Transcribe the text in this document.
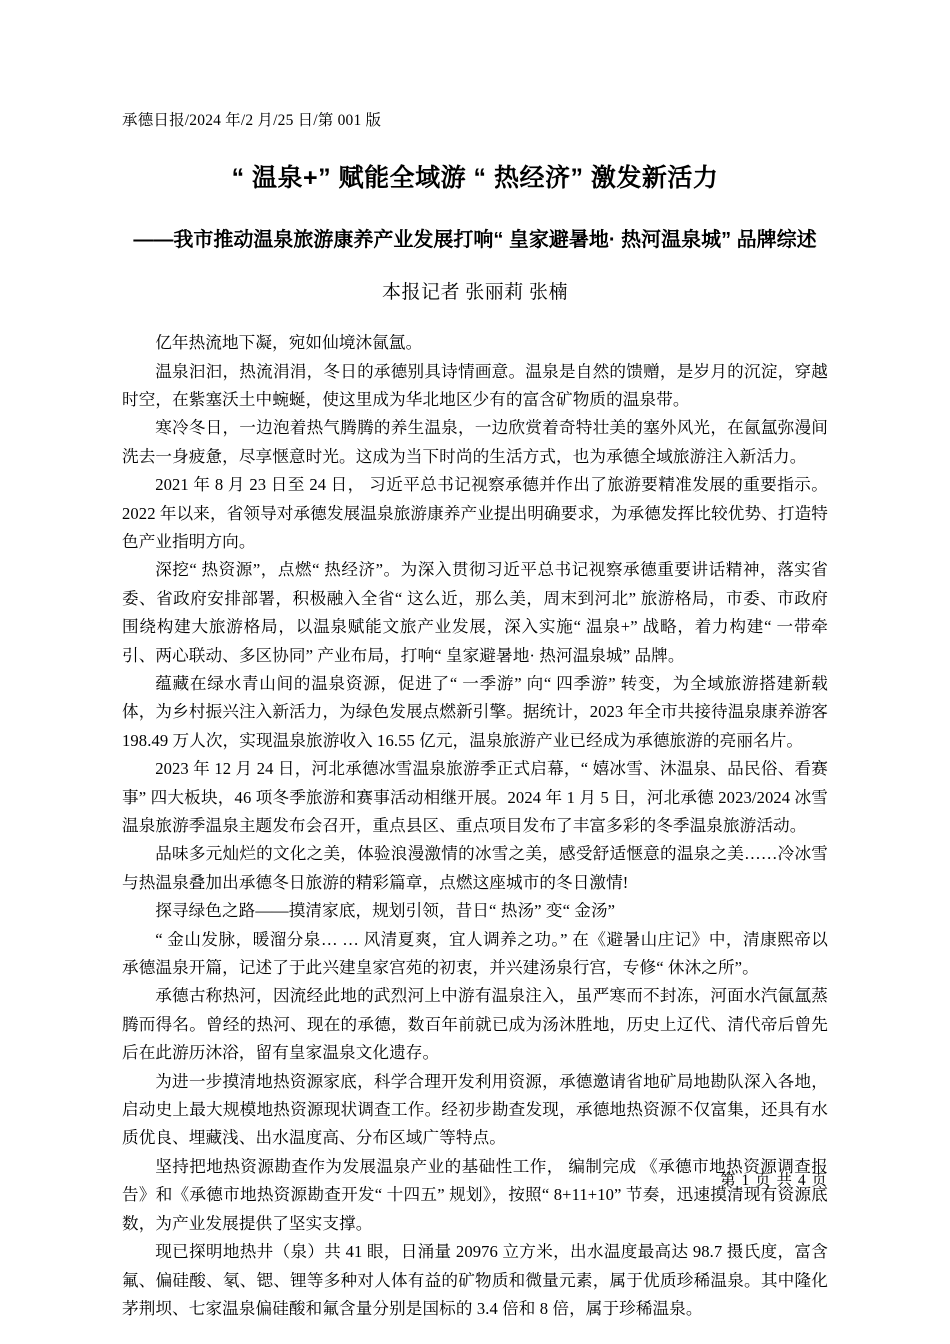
承德日报/2024 年/2 月/25 日/第 001 版
“ 温泉+” 赋能全域游 “ 热经济” 激发新活力
——我市推动温泉旅游康养产业发展打响“ 皇家避暑地· 热河温泉城” 品牌综述
本报记者 张丽莉 张楠

亿年热流地下凝，宛如仙境沐氤氲。

温泉汩汩，热流涓涓，冬日的承德别具诗情画意。温泉是自然的馈赠，是岁月的沉淀，穿越时空，在紫塞沃土中蜿蜒，使这里成为华北地区少有的富含矿物质的温泉带。

寒冷冬日，一边泡着热气腾腾的养生温泉，一边欣赏着奇特壮美的塞外风光，在氤氲弥漫间洗去一身疲惫，尽享惬意时光。这成为当下时尚的生活方式，也为承德全域旅游注入新活力。

2021 年 8 月 23 日至 24 日， 习近平总书记视察承德并作出了旅游要精准发展的重要指示。2022 年以来，省领导对承德发展温泉旅游康养产业提出明确要求，为承德发挥比较优势、打造特色产业指明方向。

深挖“ 热资源”，点燃“ 热经济”。为深入贯彻习近平总书记视察承德重要讲话精神，落实省委、省政府安排部署，积极融入全省“ 这么近，那么美，周末到河北” 旅游格局，市委、市政府围绕构建大旅游格局，以温泉赋能文旅产业发展，深入实施“ 温泉+” 战略，着力构建“ 一带牵引、两心联动、多区协同” 产业布局，打响“ 皇家避暑地· 热河温泉城” 品牌。

蕴藏在绿水青山间的温泉资源，促进了“ 一季游” 向“ 四季游” 转变，为全域旅游搭建新载体，为乡村振兴注入新活力，为绿色发展点燃新引擎。据统计，2023 年全市共接待温泉康养游客 198.49 万人次，实现温泉旅游收入 16.55 亿元，温泉旅游产业已经成为承德旅游的亮丽名片。

2023 年 12 月 24 日，河北承德冰雪温泉旅游季正式启幕，“ 嬉冰雪、沐温泉、品民俗、看赛事” 四大板块，46 项冬季旅游和赛事活动相继开展。2024 年 1 月 5 日，河北承德 2023/2024 冰雪温泉旅游季温泉主题发布会召开，重点县区、重点项目发布了丰富多彩的冬季温泉旅游活动。

品味多元灿烂的文化之美，体验浪漫激情的冰雪之美，感受舒适惬意的温泉之美……冷冰雪与热温泉叠加出承德冬日旅游的精彩篇章，点燃这座城市的冬日激情!

探寻绿色之路——摸清家底，规划引领，昔日“ 热汤” 变“ 金汤”

“ 金山发脉，暖溜分泉… … 风清夏爽，宜人调养之功。” 在《避暑山庄记》中，清康熙帝以承德温泉开篇，记述了于此兴建皇家宫苑的初衷，并兴建汤泉行宫，专修“ 休沐之所”。

承德古称热河，因流经此地的武烈河上中游有温泉注入，虽严寒而不封冻，河面水汽氤氲蒸腾而得名。曾经的热河、现在的承德，数百年前就已成为汤沐胜地，历史上辽代、清代帝后曾先后在此游历沐浴，留有皇家温泉文化遗存。

为进一步摸清地热资源家底，科学合理开发利用资源，承德邀请省地矿局地勘队深入各地，启动史上最大规模地热资源现状调查工作。经初步勘查发现，承德地热资源不仅富集，还具有水质优良、埋藏浅、出水温度高、分布区域广等特点。

坚持把地热资源勘查作为发展温泉产业的基础性工作， 编制完成 《承德市地热资源调查报告》和《承德市地热资源勘查开发“ 十四五” 规划》，按照“ 8+11+10” 节奏，迅速摸清现有资源底数，为产业发展提供了坚实支撑。

现已探明地热井（泉）共 41 眼，日涌量 20976 立方米，出水温度最高达 98.7 摄氏度，富含氟、偏硅酸、氡、锶、锂等多种对人体有益的矿物质和微量元素，属于优质珍稀温泉。其中隆化茅荆坝、七家温泉偏硅酸和氟含量分别是国标的 3.4 倍和 8 倍，属于珍稀温泉。

第 1 页 共 4 页
